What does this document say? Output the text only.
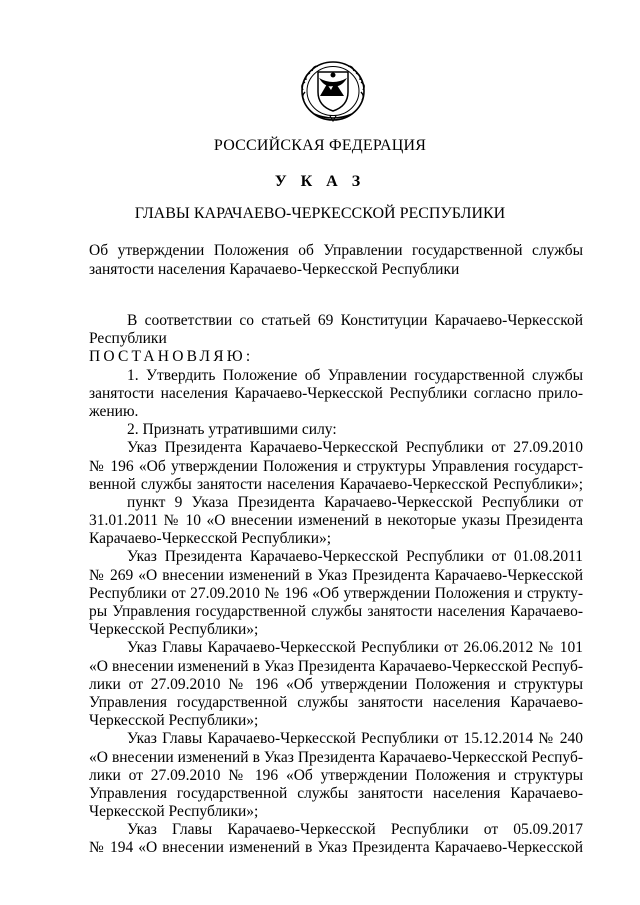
РОССИЙСКАЯ ФЕДЕРАЦИЯ
У К А З
ГЛАВЫ КАРАЧАЕВО-ЧЕРКЕССКОЙ РЕСПУБЛИКИ
Об утверждении Положения об Управлении государственной службы
занятости населения Карачаево-Черкесской Республики
В соответствии со статьей 69 Конституции Карачаево-Черкесской
Республики
ПОСТАНОВЛЯЮ:
1. Утвердить Положение об Управлении государственной службы
занятости населения Карачаево-Черкесской Республики согласно прило-
жению.
2. Признать утратившими силу:
Указ Президента Карачаево-Черкесской Республики от 27.09.2010
№ 196 «Об утверждении Положения и структуры Управления государст-
венной службы занятости населения Карачаево-Черкесской Республики»;
пункт 9 Указа Президента Карачаево-Черкесской Республики от
31.01.2011 № 10 «О внесении изменений в некоторые указы Президента
Карачаево-Черкесской Республики»;
Указ Президента Карачаево-Черкесской Республики от 01.08.2011
№ 269 «О внесении изменений в Указ Президента Карачаево-Черкесской
Республики от 27.09.2010 № 196 «Об утверждении Положения и структу-
ры Управления государственной службы занятости населения Карачаево-
Черкесской Республики»;
Указ Главы Карачаево-Черкесской Республики от 26.06.2012 № 101
«О внесении изменений в Указ Президента Карачаево-Черкесской Респуб-
лики от 27.09.2010 № 196 «Об утверждении Положения и структуры
Управления государственной службы занятости населения Карачаево-
Черкесской Республики»;
Указ Главы Карачаево-Черкесской Республики от 15.12.2014 № 240
«О внесении изменений в Указ Президента Карачаево-Черкесской Респуб-
лики от 27.09.2010 № 196 «Об утверждении Положения и структуры
Управления государственной службы занятости населения Карачаево-
Черкесской Республики»;
Указ Главы Карачаево-Черкесской Республики от 05.09.2017
№ 194 «О внесении изменений в Указ Президента Карачаево-Черкесской
